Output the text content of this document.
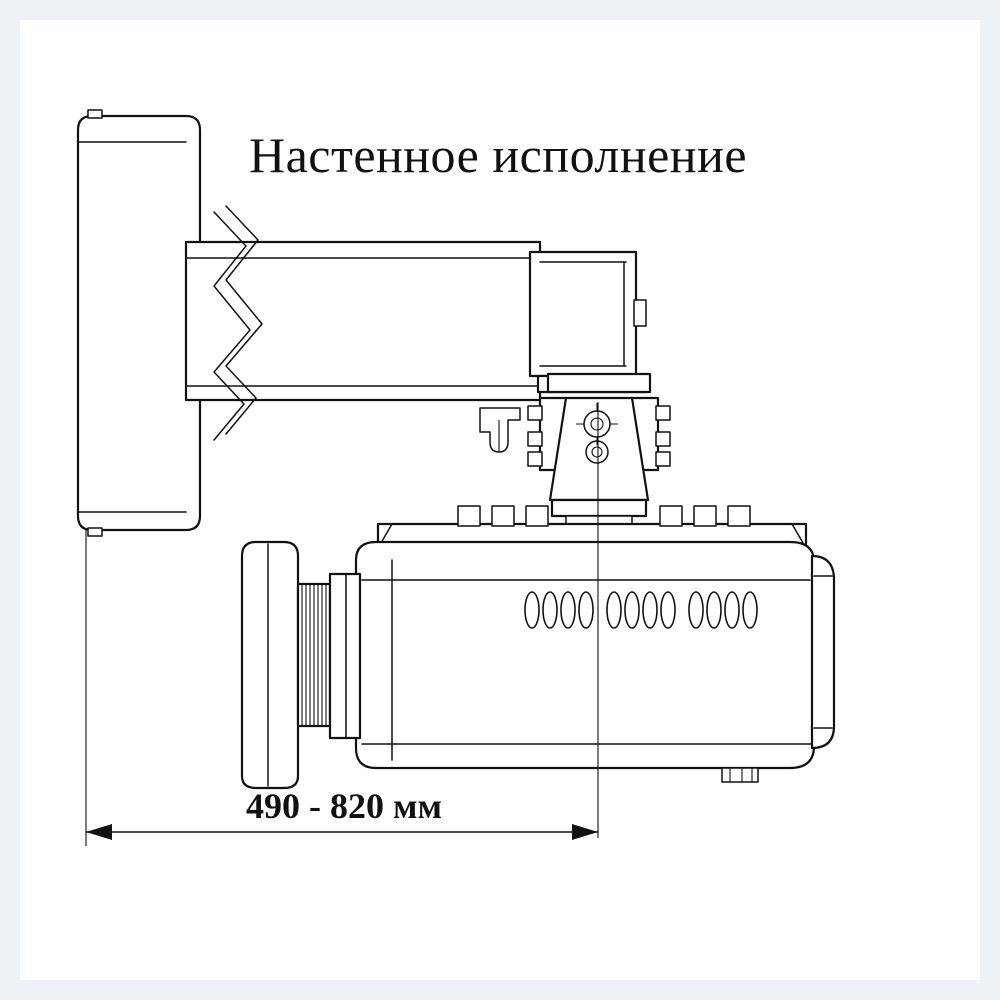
Настенное исполнение
490 - 820 мм
